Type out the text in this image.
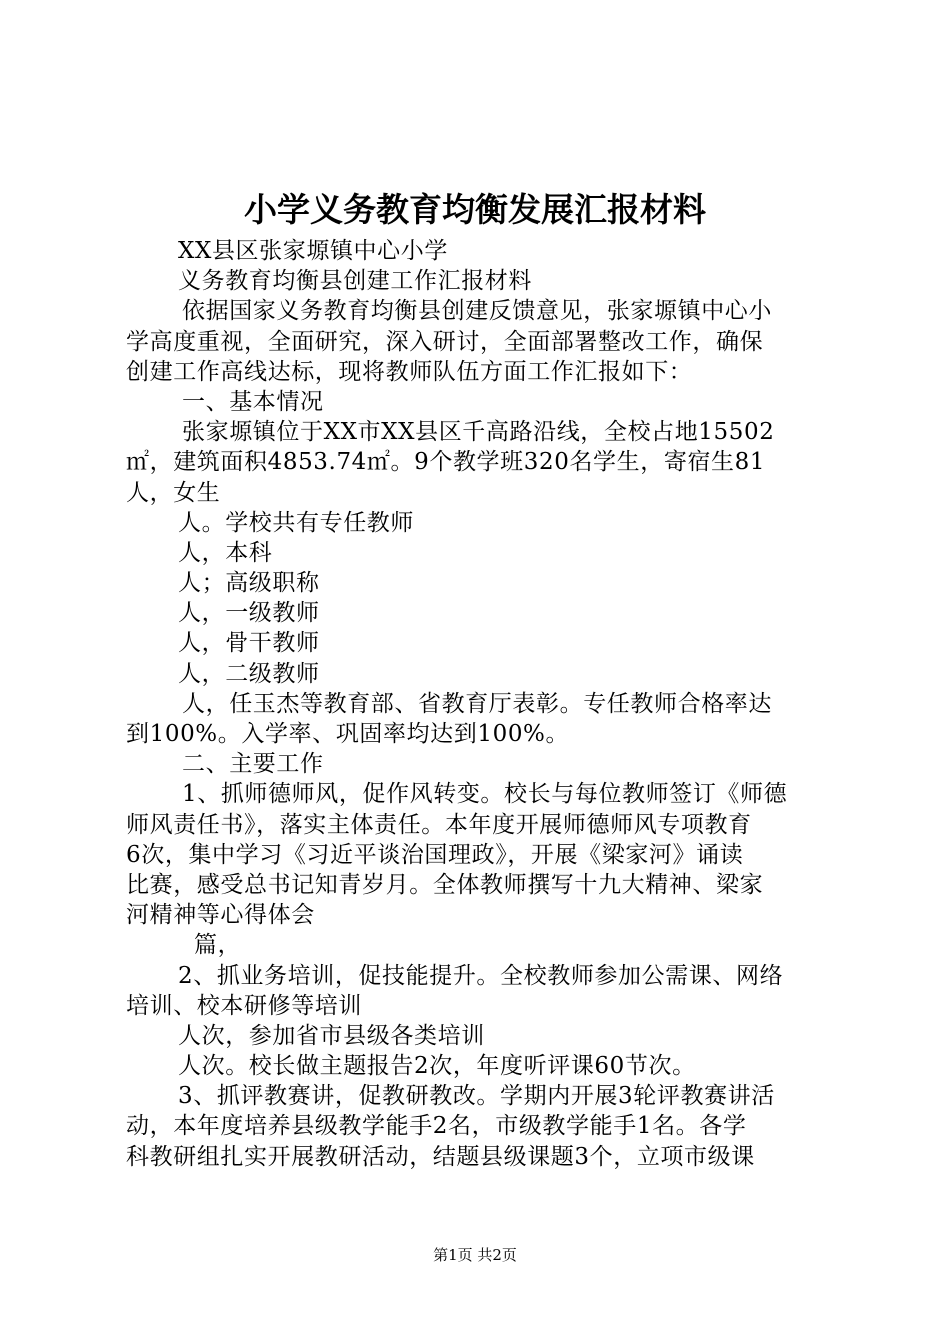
小学义务教育均衡发展汇报材料
XX县区张家塬镇中心小学
义务教育均衡县创建工作汇报材料
依据国家义务教育均衡县创建反馈意见，张家塬镇中心小
学高度重视，全面研究，深入研讨，全面部署整改工作，确保
创建工作高线达标，现将教师队伍方面工作汇报如下：
一、基本情况
张家塬镇位于XX市XX县区千高路沿线，全校占地15502
㎡，建筑面积4853.74㎡。9个教学班320名学生，寄宿生81
人，女生
人。学校共有专任教师
人，本科
人；高级职称
人，一级教师
人，骨干教师
人，二级教师
人，任玉杰等教育部、省教育厅表彰。专任教师合格率达
到100%。入学率、巩固率均达到100%。
二、主要工作
1、抓师德师风，促作风转变。校长与每位教师签订《师德
师风责任书》，落实主体责任。本年度开展师德师风专项教育
6次，集中学习《习近平谈治国理政》，开展《梁家河》诵读
比赛，感受总书记知青岁月。全体教师撰写十九大精神、梁家
河精神等心得体会
篇，
2、抓业务培训，促技能提升。全校教师参加公需课、网络
培训、校本研修等培训
人次，参加省市县级各类培训
人次。校长做主题报告2次，年度听评课60节次。
3、抓评教赛讲，促教研教改。学期内开展3轮评教赛讲活
动，本年度培养县级教学能手2名，市级教学能手1名。各学
科教研组扎实开展教研活动，结题县级课题3个，立项市级课
第1页 共2页
